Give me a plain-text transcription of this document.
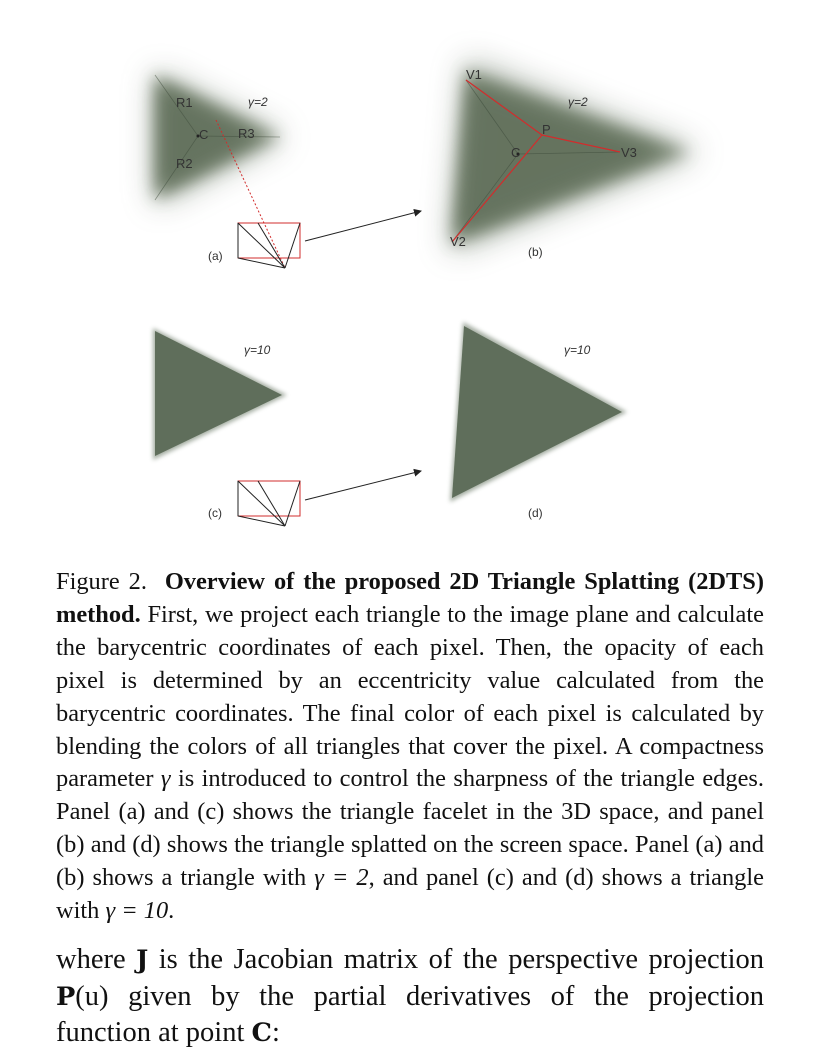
R1
R2
R3
C
γ=2
(a)
V1
V2
V3
P
C
γ=2
(b)
γ=10
(c)
γ=10
(d)
Figure 2. Overview of the proposed 2D Triangle Splatting (2DTS) method. First, we project each triangle to the image plane and calculate the barycentric coordinates of each pixel. Then, the opacity of each pixel is determined by an eccentricity value calculated from the barycentric coordinates. The final color of each pixel is calculated by blending the colors of all triangles that cover the pixel. A compactness parameter γ is introduced to control the sharpness of the triangle edges. Panel (a) and (c) shows the triangle facelet in the 3D space, and panel (b) and (d) shows the triangle splatted on the screen space. Panel (a) and (b) shows a triangle with γ = 2, and panel (c) and (d) shows a triangle with γ = 10.
where J is the Jacobian matrix of the perspective projection P(u) given by the partial derivatives of the projection function at point C:
